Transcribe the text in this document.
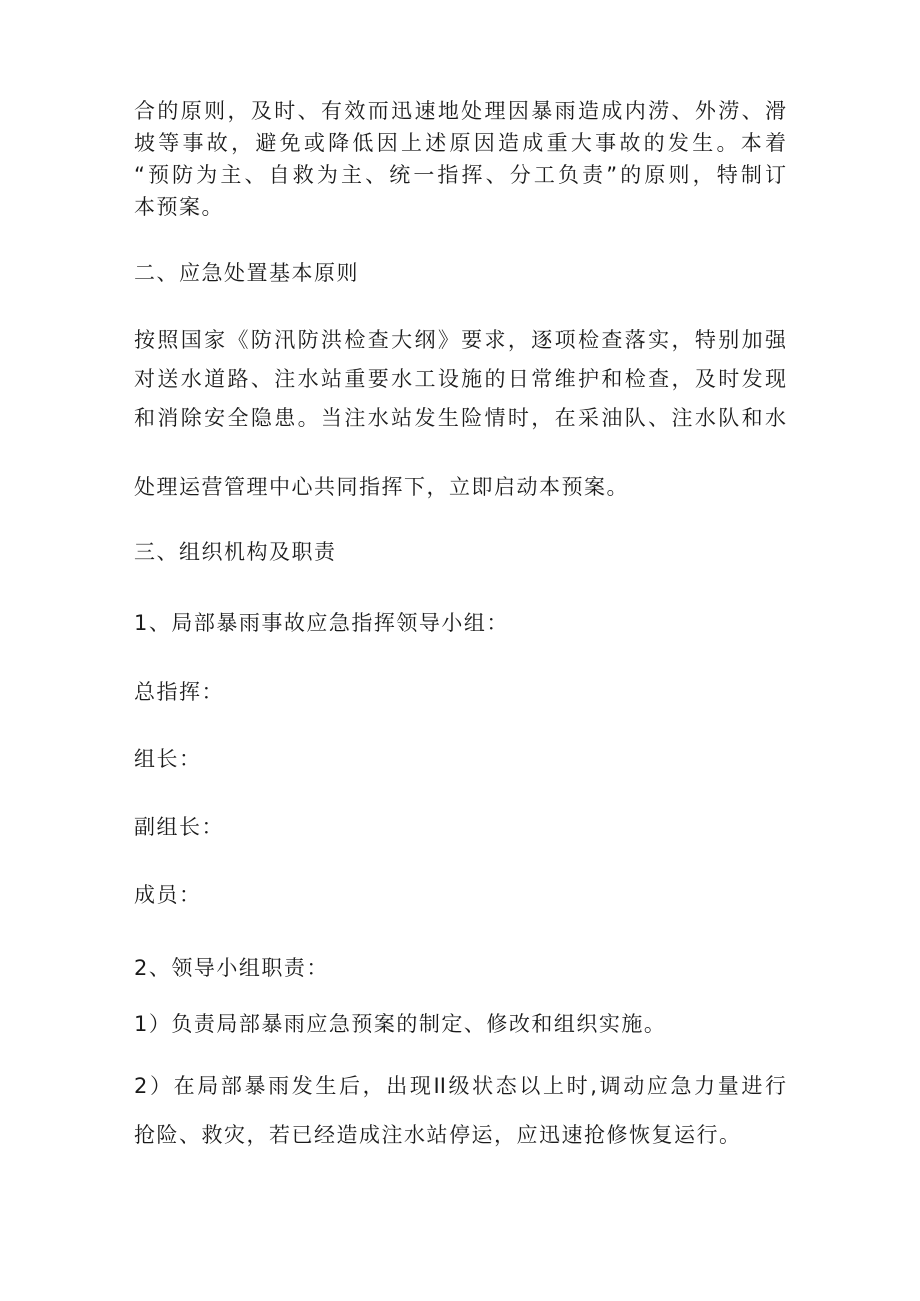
合的原则，及时、有效而迅速地处理因暴雨造成内涝、外涝、滑
坡等事故，避免或降低因上述原因造成重大事故的发生。本着
“预防为主、自救为主、统一指挥、分工负责”的原则，特制订
本预案。
二、应急处置基本原则
按照国家《防汛防洪检查大纲》要求，逐项检查落实，特别加强
对送水道路、注水站重要水工设施的日常维护和检查，及时发现
和消除安全隐患。当注水站发生险情时，在采油队、注水队和水
处理运营管理中心共同指挥下，立即启动本预案。
三、组织机构及职责
1、局部暴雨事故应急指挥领导小组：
总指挥：
组长：
副组长：
成员：
2、领导小组职责：
1）负责局部暴雨应急预案的制定、修改和组织实施。
2）在局部暴雨发生后，出现II级状态以上时,调动应急力量进行
抢险、救灾，若已经造成注水站停运，应迅速抢修恢复运行。
